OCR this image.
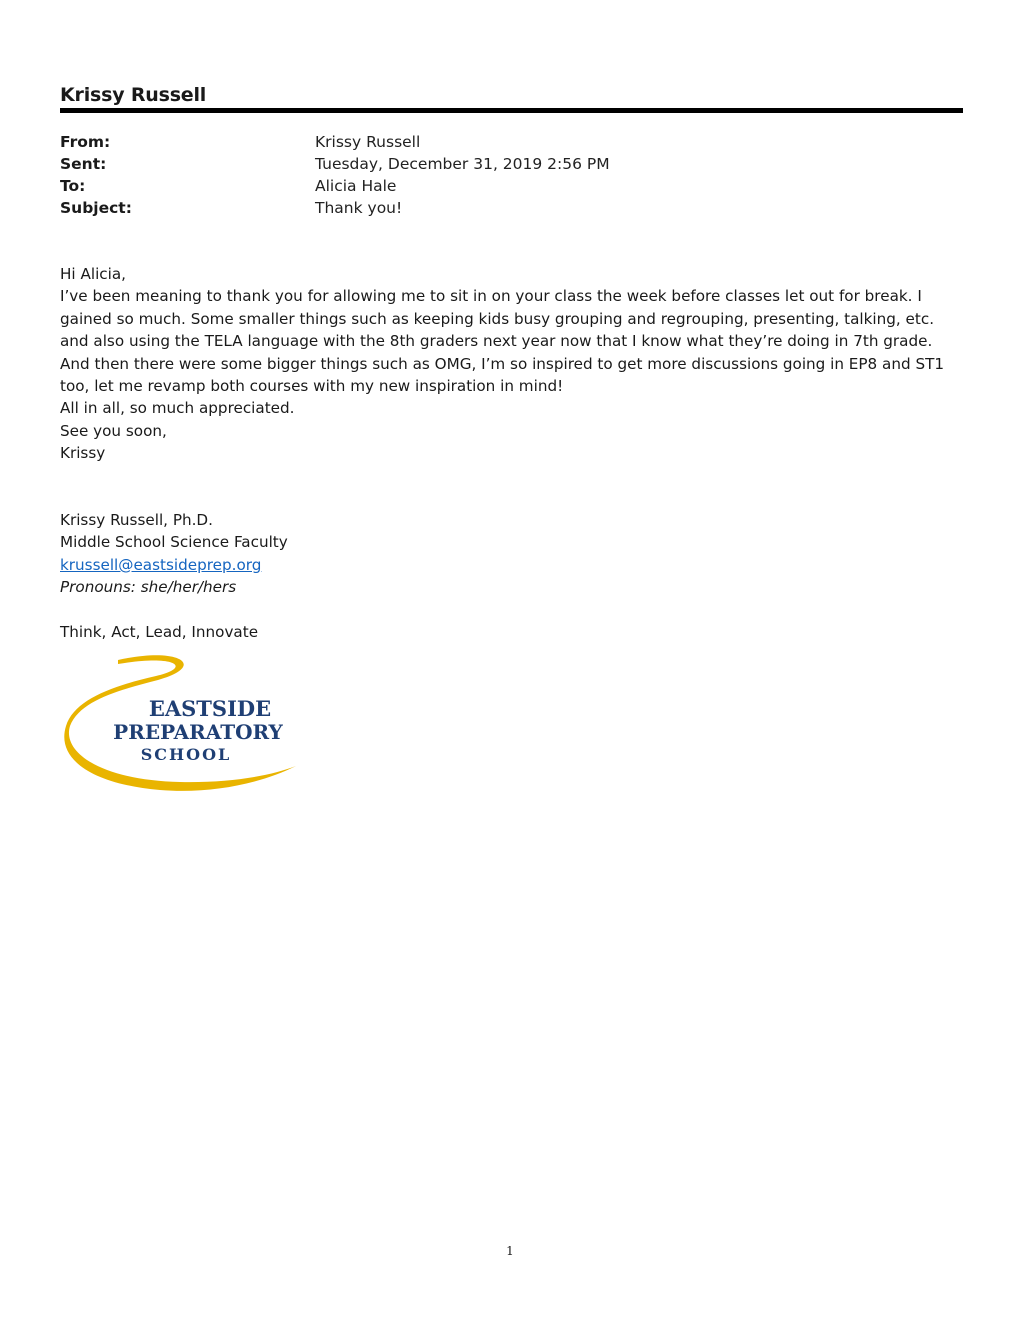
Krissy Russell
From:	Krissy Russell
Sent:	Tuesday, December 31, 2019 2:56 PM
To:	Alicia Hale
Subject:	Thank you!

Hi Alicia,

I’ve been meaning to thank you for allowing me to sit in on your class the week before classes let out for break. I gained so much. Some smaller things such as keeping kids busy grouping and regrouping, presenting, talking, etc. and also using the TELA language with the 8th graders next year now that I know what they’re doing in 7th grade. And then there were some bigger things such as OMG, I’m so inspired to get more discussions going in EP8 and ST1 too, let me revamp both courses with my new inspiration in mind!

All in all, so much appreciated.

See you soon,

Krissy

Krissy Russell, Ph.D.

Middle School Science Faculty

krussell@eastsideprep.org

Pronouns: she/her/hers

Think, Act, Lead, Innovate
EASTSIDE
PREPARATORY
SCHOOL
1
